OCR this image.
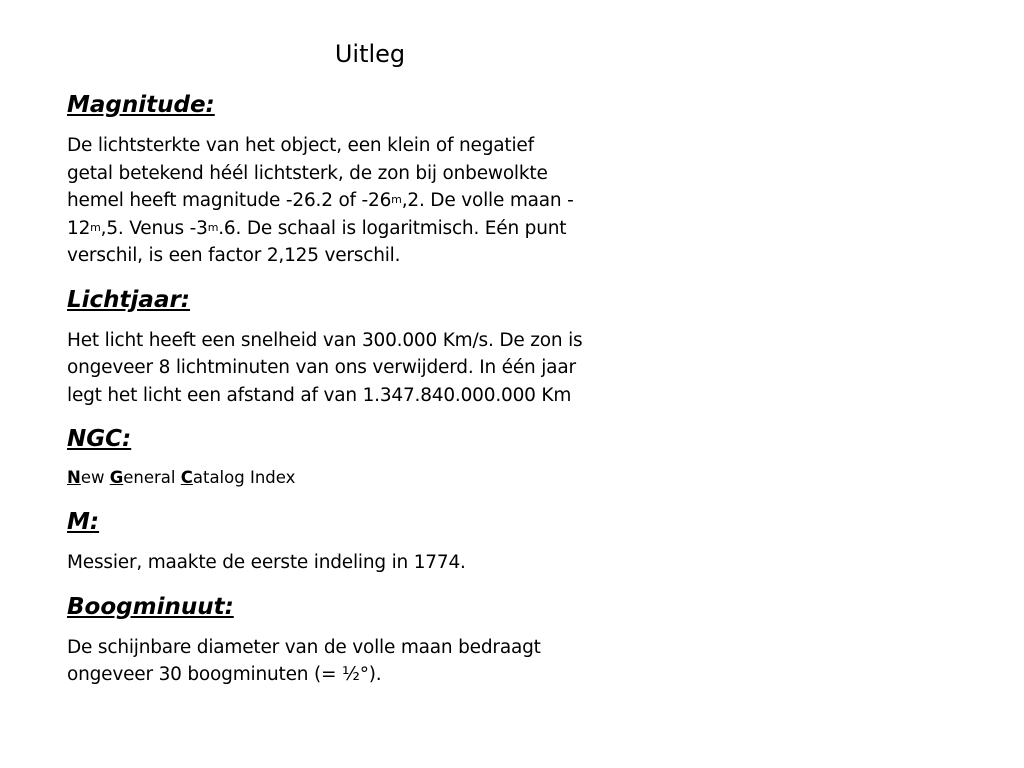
Uitleg
Magnitude:

De lichtsterkte van het object, een klein of negatief
getal betekend héél lichtsterk, de zon bij onbewolkte
hemel heeft magnitude -26.2 of -26$^m$,2. De volle maan -
12$^m$,5. Venus -3$^m$.6. De schaal is logaritmisch. Eén punt
verschil, is een factor 2,125 verschil.

Lichtjaar:

Het licht heeft een snelheid van 300.000 Km/s. De zon is
ongeveer 8 lichtminuten van ons verwijderd. In één jaar
legt het licht een afstand af van 1.347.840.000.000 Km

NGC:

New General Catalog Index

M:

Messier, maakte de eerste indeling in 1774.

Boogminuut:

De schijnbare diameter van de volle maan bedraagt
ongeveer 30 boogminuten (= ½°).
